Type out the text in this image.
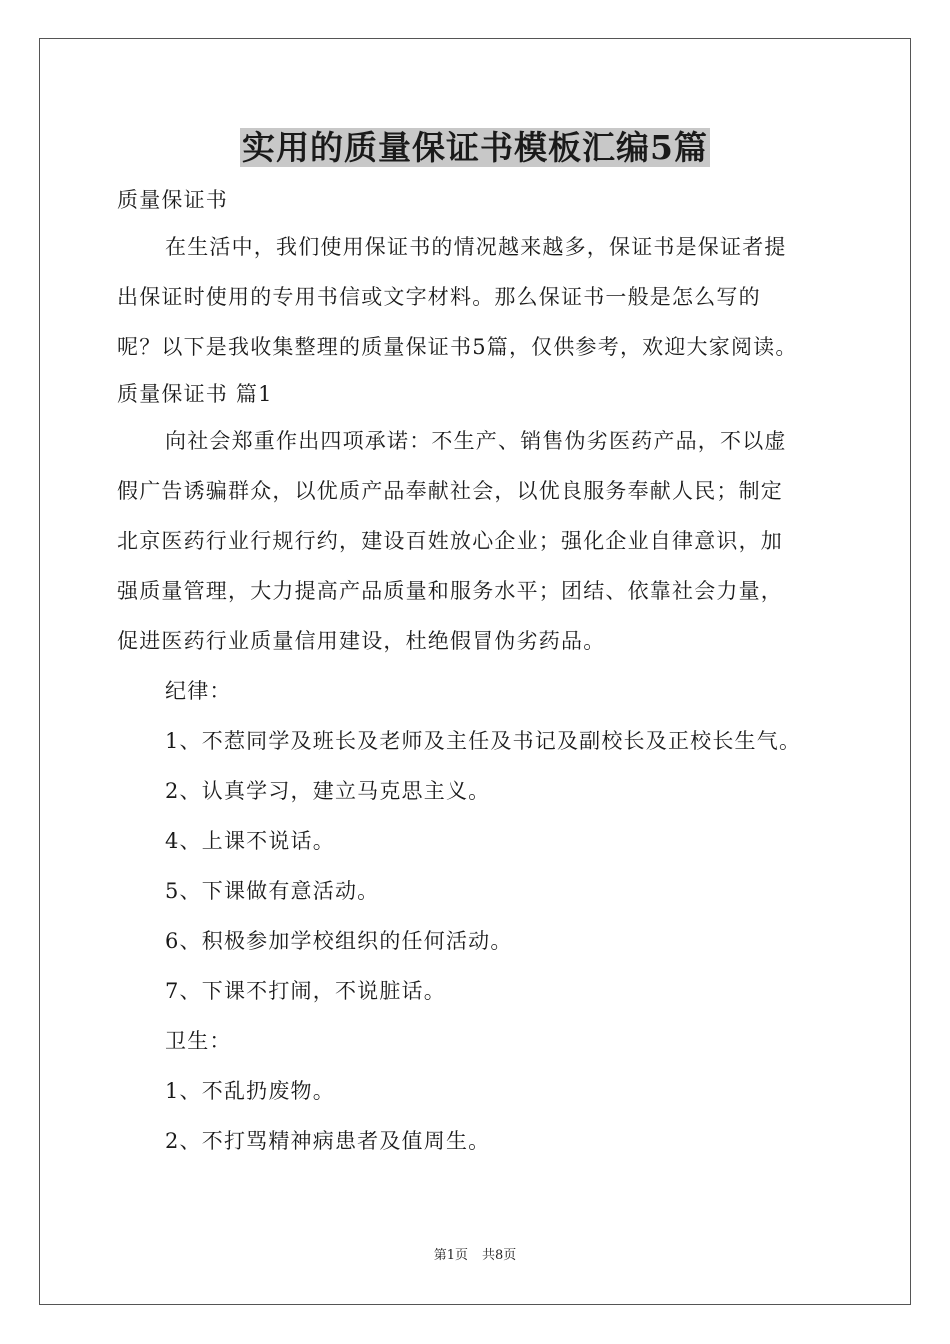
实用的质量保证书模板汇编5篇

质量保证书

在生活中，我们使用保证书的情况越来越多，保证书是保证者提

出保证时使用的专用书信或文字材料。那么保证书一般是怎么写的

呢？以下是我收集整理的质量保证书5篇，仅供参考，欢迎大家阅读。

质量保证书 篇1

向社会郑重作出四项承诺：不生产、销售伪劣医药产品，不以虚

假广告诱骗群众，以优质产品奉献社会，以优良服务奉献人民；制定

北京医药行业行规行约，建设百姓放心企业；强化企业自律意识，加

强质量管理，大力提高产品质量和服务水平；团结、依靠社会力量，

促进医药行业质量信用建设，杜绝假冒伪劣药品。

纪律：

1、不惹同学及班长及老师及主任及书记及副校长及正校长生气。

2、认真学习，建立马克思主义。

4、上课不说话。

5、下课做有意活动。

6、积极参加学校组织的任何活动。

7、下课不打闹，不说脏话。

卫生：

1、不乱扔废物。

2、不打骂精神病患者及值周生。

第1页 共8页
